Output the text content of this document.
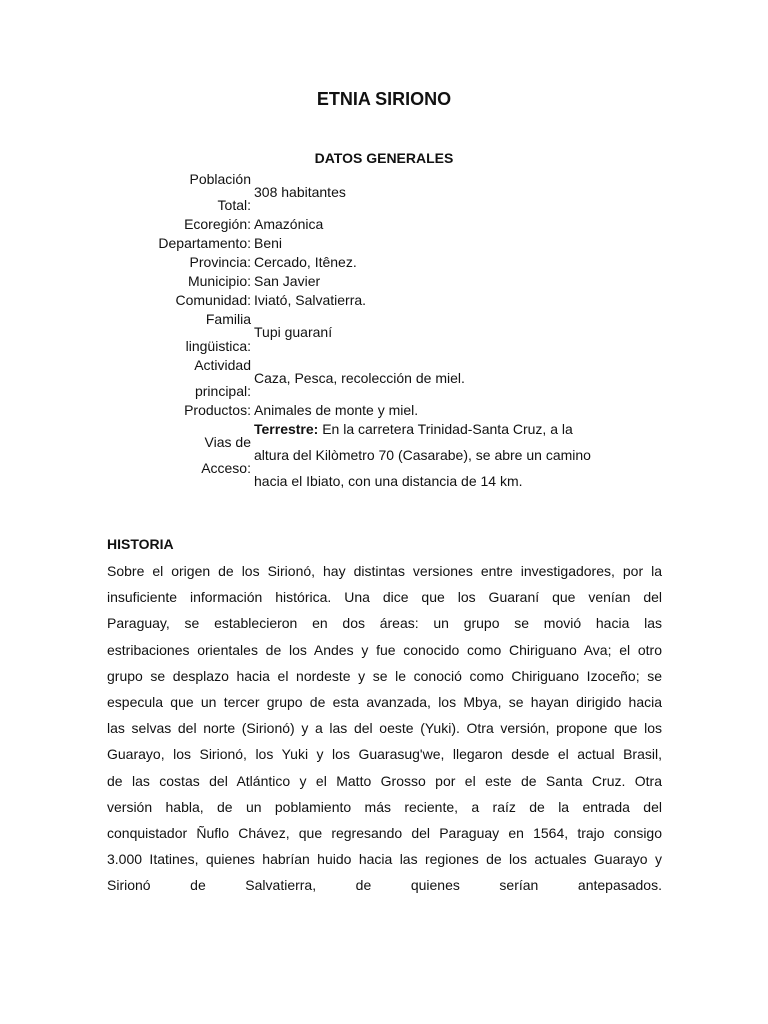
ETNIA SIRIONO
DATOS GENERALES
Población
Total:
308 habitantes
Ecoregión: Amazónica
Departamento: Beni
Provincia: Cercado, Itênez.
Municipio: San Javier
Comunidad: Iviató, Salvatierra.
Familia
lingüistica:
Tupi guaraní
Actividad
principal:
Caza, Pesca, recolección de miel.
Productos: Animales de monte y miel.
Vias de
Acceso:
Terrestre: En la carretera Trinidad-Santa Cruz, a la
altura del Kilòmetro 70 (Casarabe), se abre un camino
hacia el Ibiato, con una distancia de 14 km.
HISTORIA
Sobre el origen de los Sirionó, hay distintas versiones entre investigadores, por la
insuficiente información histórica. Una dice que los Guaraní que venían del
Paraguay, se establecieron en dos áreas: un grupo se movió hacia las
estribaciones orientales de los Andes y fue conocido como Chiriguano Ava; el otro
grupo se desplazo hacia el nordeste y se le conoció como Chiriguano Izoceño; se
especula que un tercer grupo de esta avanzada, los Mbya, se hayan dirigido hacia
las selvas del norte (Sirionó) y a las del oeste (Yuki). Otra versión, propone que los
Guarayo, los Sirionó, los Yuki y los Guarasug'we, llegaron desde el actual Brasil,
de las costas del Atlántico y el Matto Grosso por el este de Santa Cruz. Otra
versión habla, de un poblamiento más reciente, a raíz de la entrada del
conquistador Ñuflo Chávez, que regresando del Paraguay en 1564, trajo consigo
3.000 Itatines, quienes habrían huido hacia las regiones de los actuales Guarayo y
Sirionó	de	Salvatierra,	de	quienes	serían	antepasados.
